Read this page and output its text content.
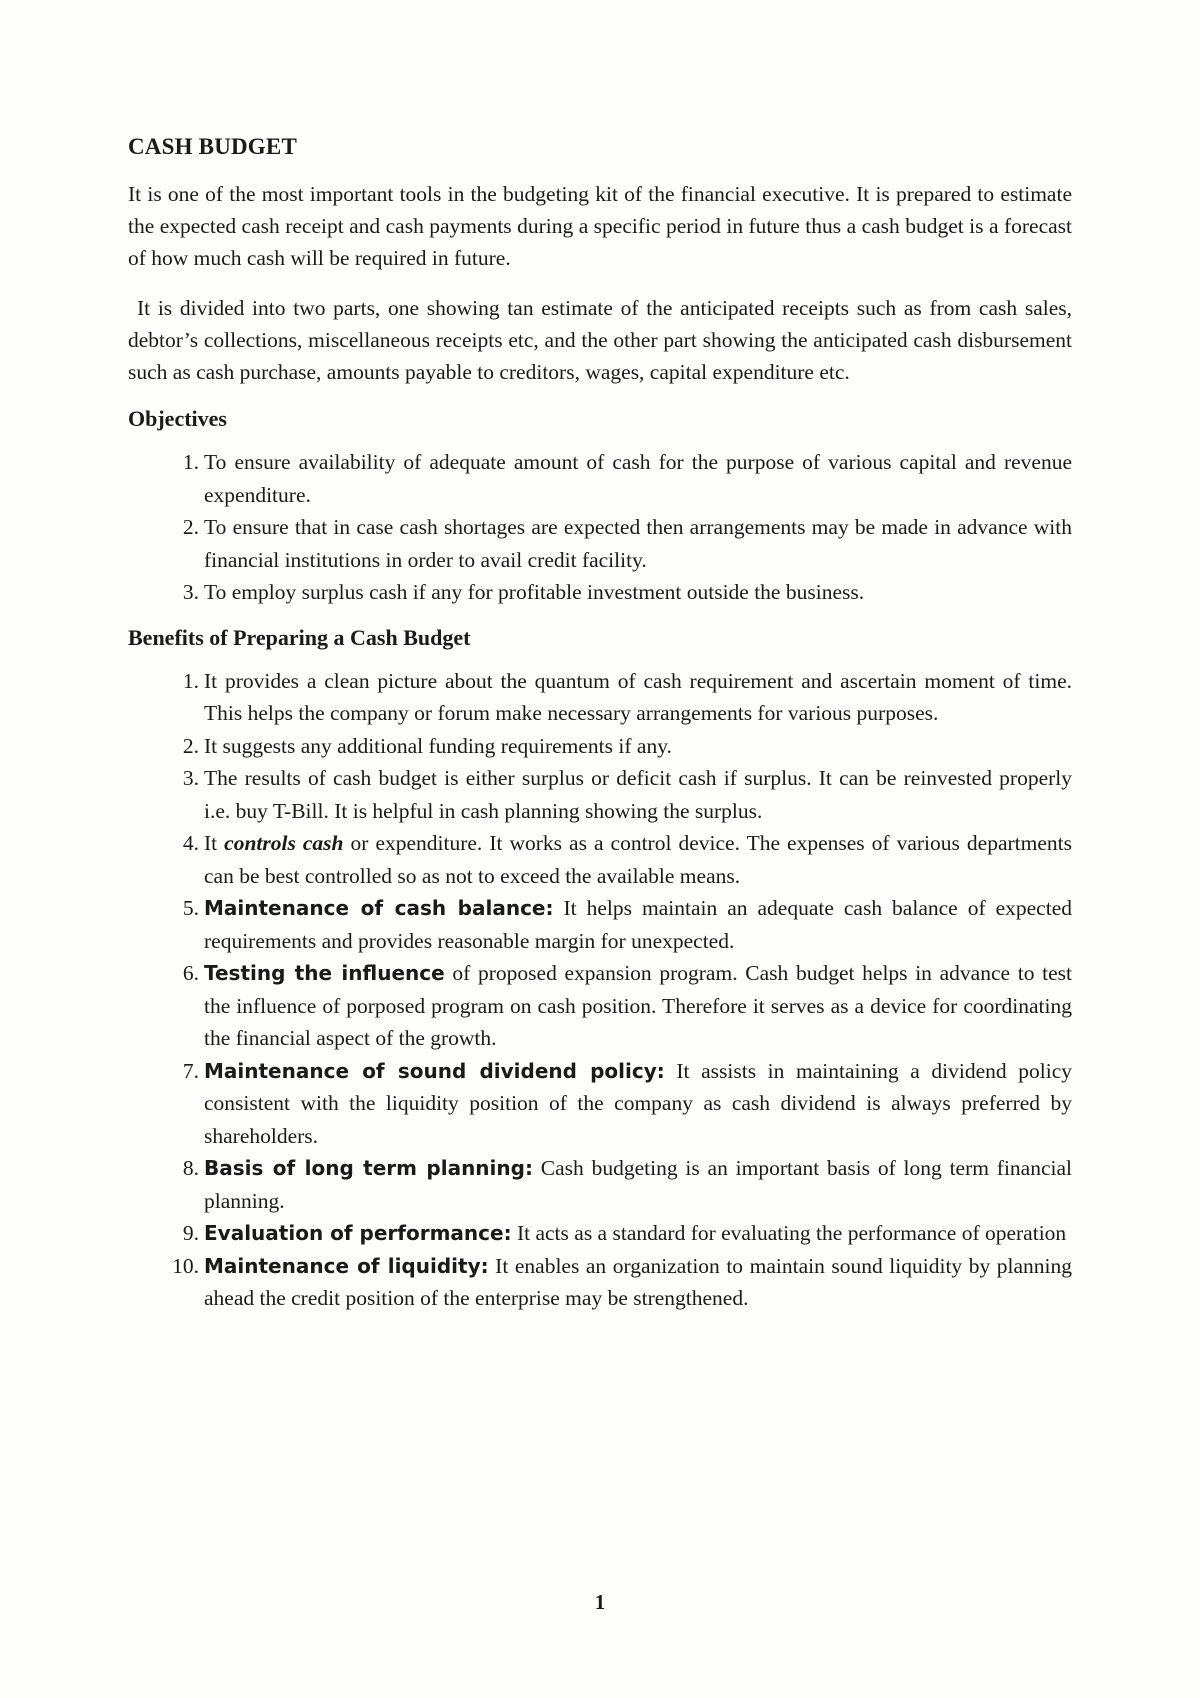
CASH BUDGET

It is one of the most important tools in the budgeting kit of the financial executive. It is prepared to estimate the expected cash receipt and cash payments during a specific period in future thus a cash budget is a forecast of how much cash will be required in future.

It is divided into two parts, one showing tan estimate of the anticipated receipts such as from cash sales, debtor’s collections, miscellaneous receipts etc, and the other part showing the anticipated cash disbursement such as cash purchase, amounts payable to creditors, wages, capital expenditure etc.

Objectives
1. To ensure availability of adequate amount of cash for the purpose of various capital and revenue expenditure.
2. To ensure that in case cash shortages are expected then arrangements may be made in advance with financial institutions in order to avail credit facility.
3. To employ surplus cash if any for profitable investment outside the business.
Benefits of Preparing a Cash Budget
1. It provides a clean picture about the quantum of cash requirement and ascertain moment of time. This helps the company or forum make necessary arrangements for various purposes.
2. It suggests any additional funding requirements if any.
3. The results of cash budget is either surplus or deficit cash if surplus. It can be reinvested properly i.e. buy T-Bill. It is helpful in cash planning showing the surplus.
4. It controls cash or expenditure. It works as a control device. The expenses of various departments can be best controlled so as not to exceed the available means.
5. Maintenance of cash balance: It helps maintain an adequate cash balance of expected requirements and provides reasonable margin for unexpected.
6. Testing the influence of proposed expansion program. Cash budget helps in advance to test the influence of porposed program on cash position. Therefore it serves as a device for coordinating the financial aspect of the growth.
7. Maintenance of sound dividend policy: It assists in maintaining a dividend policy consistent with the liquidity position of the company as cash dividend is always preferred by shareholders.
8. Basis of long term planning: Cash budgeting is an important basis of long term financial planning.
9. Evaluation of performance: It acts as a standard for evaluating the performance of operation
10. Maintenance of liquidity: It enables an organization to maintain sound liquidity by planning ahead the credit position of the enterprise may be strengthened.
1
